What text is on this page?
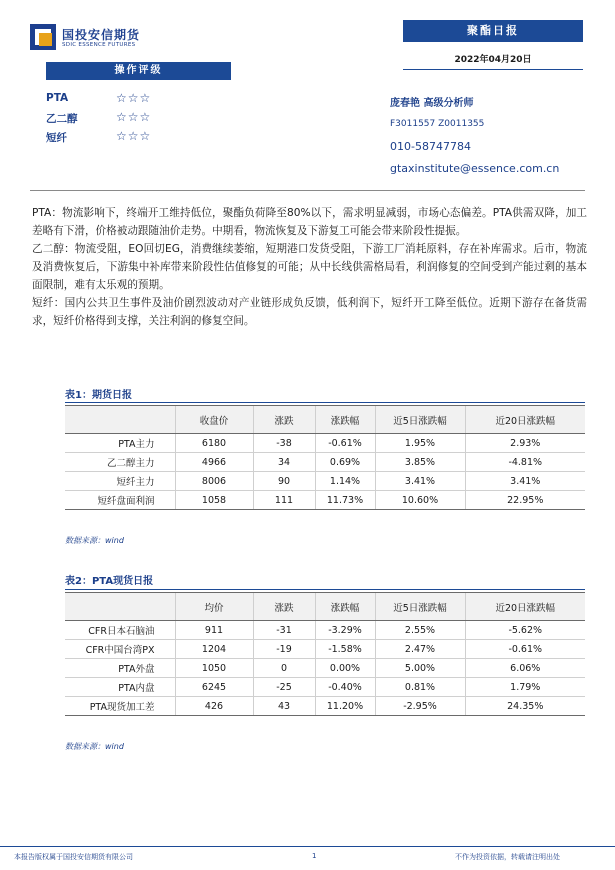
国投安信期货
SDIC ESSENCE FUTURES
聚酯日报
2022年04月20日
操作评级
PTA	☆☆☆
乙二醇	☆☆☆
短纤	☆☆☆
庞春艳 高级分析师
F3011557 Z0011355
010-58747784
gtaxinstitute@essence.com.cn

PTA：物流影响下，终端开工维持低位，聚酯负荷降至80%以下，需求明显减弱，市场心态偏差。PTA供需双降，加工差略有下滑，价格被动跟随油价走势。中期看，物流恢复及下游复工可能会带来阶段性提振。

乙二醇：物流受阻，EO回切EG，消费继续萎缩，短期港口发货受阻，下游工厂消耗原料，存在补库需求。后市，物流及消费恢复后，下游集中补库带来阶段性估值修复的可能；从中长线供需格局看，利润修复的空间受到产能过剩的基本面限制，难有太乐观的预期。

短纤：国内公共卫生事件及油价剧烈波动对产业链形成负反馈，低利润下，短纤开工降至低位。近期下游存在备货需求，短纤价格得到支撑，关注利润的修复空间。

表1：期货日报
	收盘价	涨跌	涨跌幅	近5日涨跌幅	近20日涨跌幅
PTA主力	6180	-38	-0.61%	1.95%	2.93%
乙二醇主力	4966	34	0.69%	3.85%	-4.81%
短纤主力	8006	90	1.14%	3.41%	3.41%
短纤盘面利润	1058	111	11.73%	10.60%	22.95%
数据来源：wind
表2：PTA现货日报
	均价	涨跌	涨跌幅	近5日涨跌幅	近20日涨跌幅
CFR日本石脑油	911	-31	-3.29%	2.55%	-5.62%
CFR中国台湾PX	1204	-19	-1.58%	2.47%	-0.61%
PTA外盘	1050	0	0.00%	5.00%	6.06%
PTA内盘	6245	-25	-0.40%	0.81%	1.79%
PTA现货加工差	426	43	11.20%	-2.95%	24.35%
数据来源：wind
本报告版权属于国投安信期货有限公司	1	不作为投资依据，转载请注明出处
